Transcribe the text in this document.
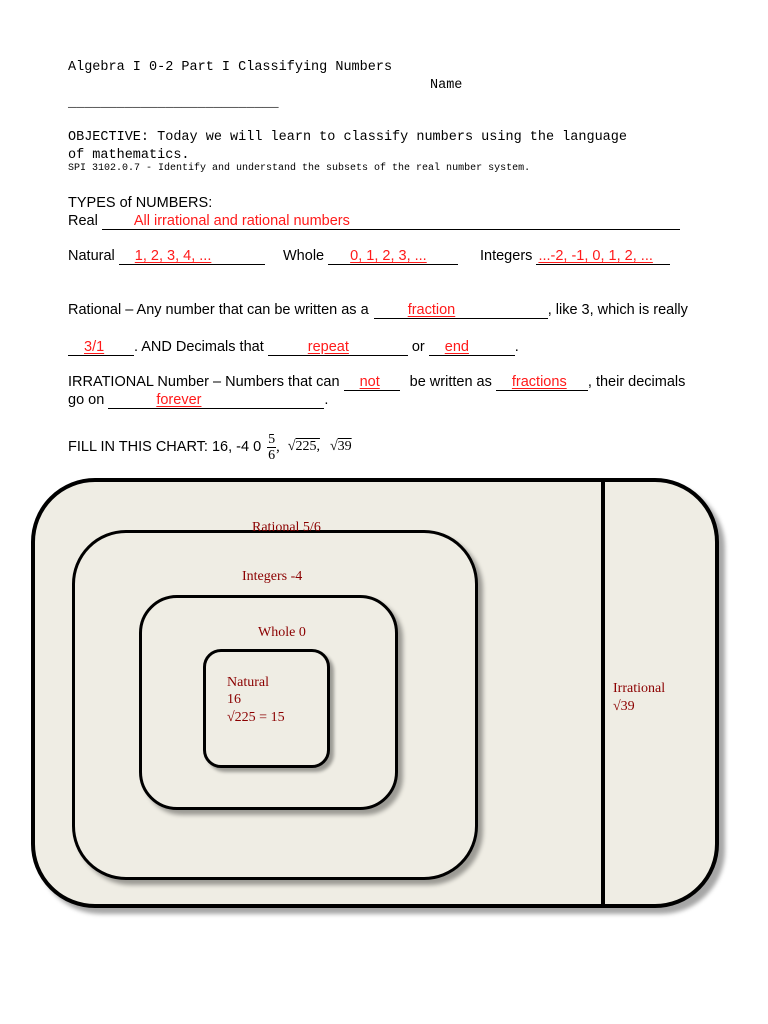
Algebra I 0-2 Part I Classifying Numbers
Name
__________________________
OBJECTIVE: Today we will learn to classify numbers using the language
of mathematics.
SPI 3102.0.7 - Identify and understand the subsets of the real number system.
TYPES of NUMBERS:
Real All irrational and rational numbers
Natural 1, 2, 3, 4, ...	Whole 0, 1, 2, 3, ...	Integers ...-2, -1, 0, 1, 2, ...
Rational – Any number that can be written as a	fraction	, like 3, which is really
3/1 . AND Decimals that	repeat	or end	.
IRRATIONAL Number – Numbers that can not be written as fractions , their decimals
go on	forever	.
FILL IN THIS CHART: 16, -4 $0 \frac{5}{6}$ , √225, √39
Rational 5/6
Integers -4
Whole 0
Natural
16
√225 = 15
Irrational
√39
